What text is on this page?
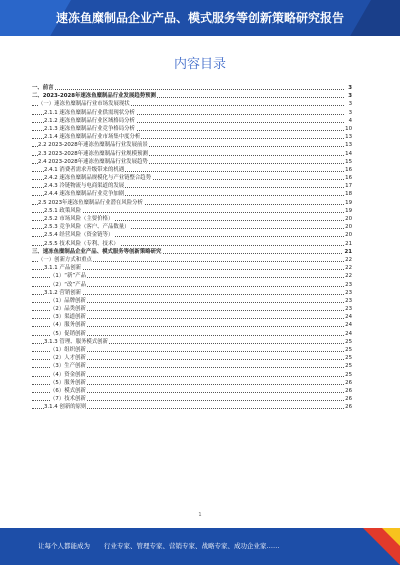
速冻鱼糜制品企业产品、模式服务等创新策略研究报告
内容目录
一、前言	3
二、2023-2028年速冻鱼糜制品行业发展趋势预测	3
（一）速冻鱼糜制品行业市场发展现状	3
2.1.1 速冻鱼糜制品行业供需现状分析	3
2.1.2 速冻鱼糜制品行业区域格局分析	4
2.1.3 速冻鱼糜制品行业竞争格局分析	10
2.1.4 速冻鱼糜制品行业市场集中度分析	13
2.2 2023-2028年速冻鱼糜制品行业发展前景	13
2.3 2023-2028年速冻鱼糜制品行业规模预测	14
2.4 2023-2028年速冻鱼糜制品行业发展趋势	15
2.4.1 消费者需求升级带来的机遇	16
2.4.2 速冻鱼糜制品规模化与产业链整合趋势	16
2.4.3 冷链物流与电商渠道的发展	17
2.4.4 速冻鱼糜制品行业竞争加剧	18
2.5 2023年速冻鱼糜制品行业潜在风险分析	19
2.5.1 政策风险	19
2.5.2 市场风险（主要价格）	20
2.5.3 竞争风险（客户、产品数量）	20
2.5.4 经营风险（资金链等）	20
2.5.5 技术风险（专利、技术）	21
三、速冻鱼糜制品企业产品、模式服务等创新策略研究	21
（一）创新方式和重点	22
3.1.1 产品创新	22
（1）“新”产品	22
（2）“改”产品	23
3.1.2 营销创新	23
（1）品牌创新	23
（2）品类创新	23
（3）渠道创新	24
（4）服务创新	24
（5）促销创新	24
3.1.3 管理、服务模式创新	25
（1）组织创新	25
（2）人才创新	25
（3）生产创新	25
（4）资金创新	25
（5）服务创新	26
（6）模式创新	26
（7）技术创新	26
3.1.4 创新的原则	26
1
让每个人都能成为 行业专家、管理专家、营销专家、战略专家、成功企业家……
